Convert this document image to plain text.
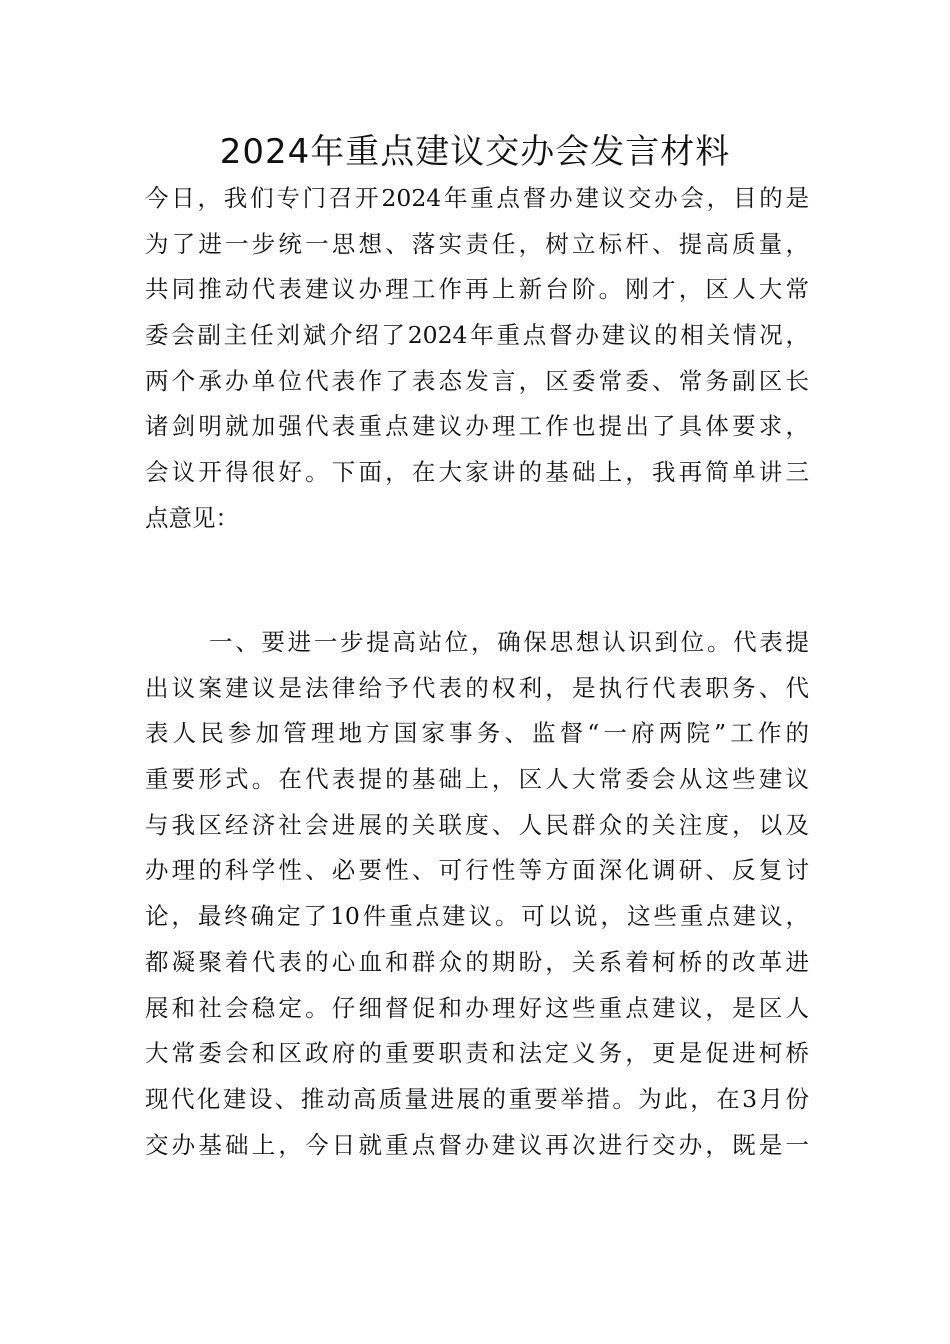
2024年重点建议交办会发言材料
今日，我们专门召开2024年重点督办建议交办会，目的是
为了进一步统一思想、落实责任，树立标杆、提高质量，
共同推动代表建议办理工作再上新台阶。刚才，区人大常
委会副主任刘斌介绍了2024年重点督办建议的相关情况，
两个承办单位代表作了表态发言，区委常委、常务副区长
诸剑明就加强代表重点建议办理工作也提出了具体要求，
会议开得很好。下面，在大家讲的基础上，我再简单讲三
点意见：
一、要进一步提高站位，确保思想认识到位。代表提
出议案建议是法律给予代表的权利，是执行代表职务、代
表人民参加管理地方国家事务、监督“一府两院”工作的
重要形式。在代表提的基础上，区人大常委会从这些建议
与我区经济社会进展的关联度、人民群众的关注度，以及
办理的科学性、必要性、可行性等方面深化调研、反复讨
论，最终确定了10件重点建议。可以说，这些重点建议，
都凝聚着代表的心血和群众的期盼，关系着柯桥的改革进
展和社会稳定。仔细督促和办理好这些重点建议，是区人
大常委会和区政府的重要职责和法定义务，更是促进柯桥
现代化建设、推动高质量进展的重要举措。为此，在3月份
交办基础上，今日就重点督办建议再次进行交办，既是一
